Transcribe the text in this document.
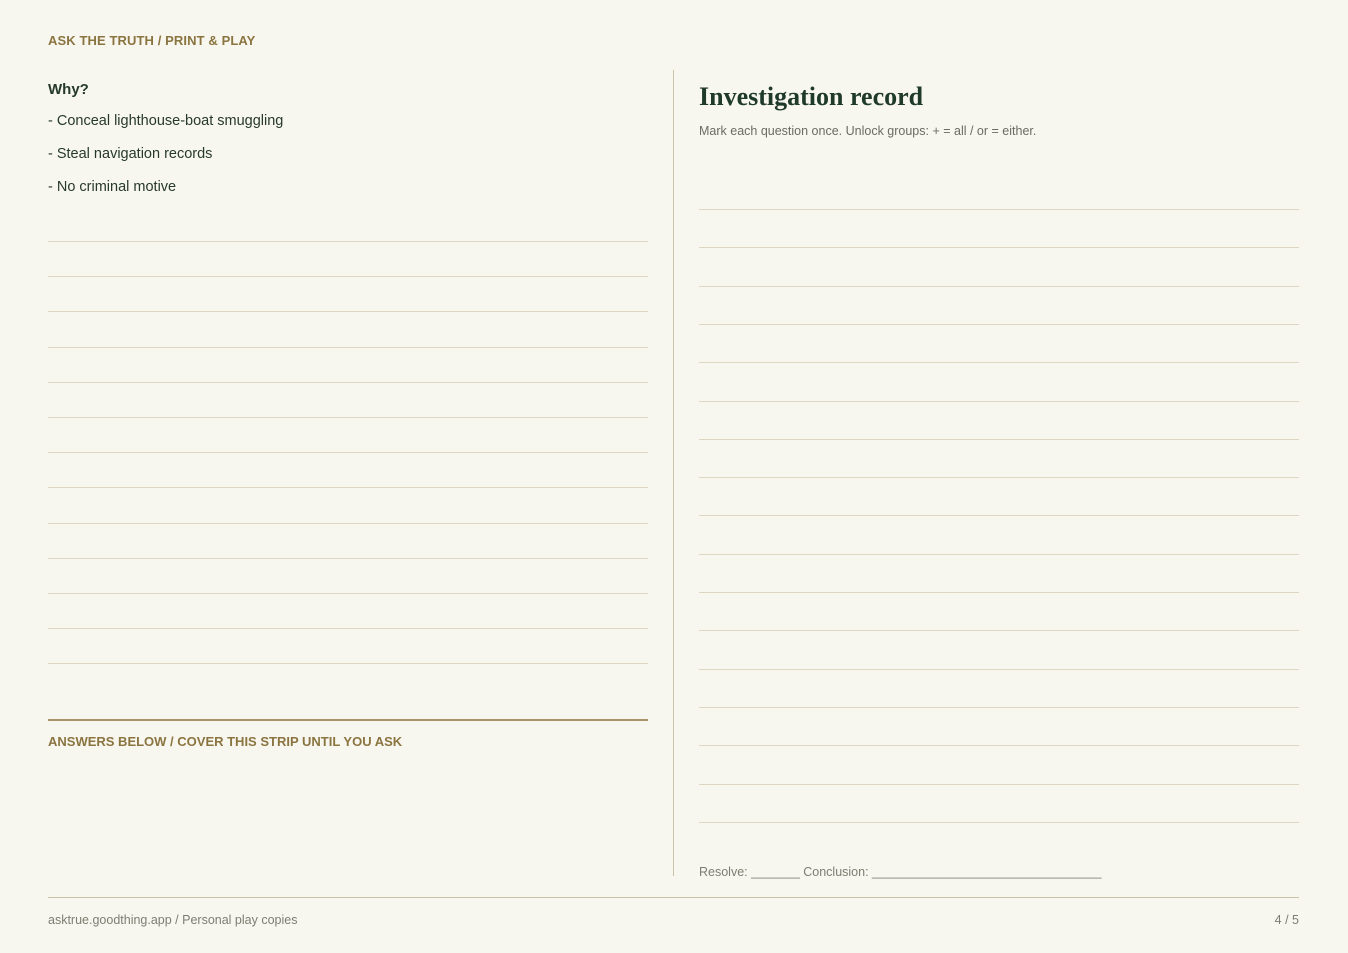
ASK THE TRUTH / PRINT & PLAY
Why?
- Conceal lighthouse-boat smuggling
- Steal navigation records
- No criminal motive
ANSWERS BELOW / COVER THIS STRIP UNTIL YOU ASK
Investigation record
Mark each question once. Unlock groups: + = all / or = either.
Resolve: _______ Conclusion: _________________________________
asktrue.goodthing.app / Personal play copies	4 / 5
